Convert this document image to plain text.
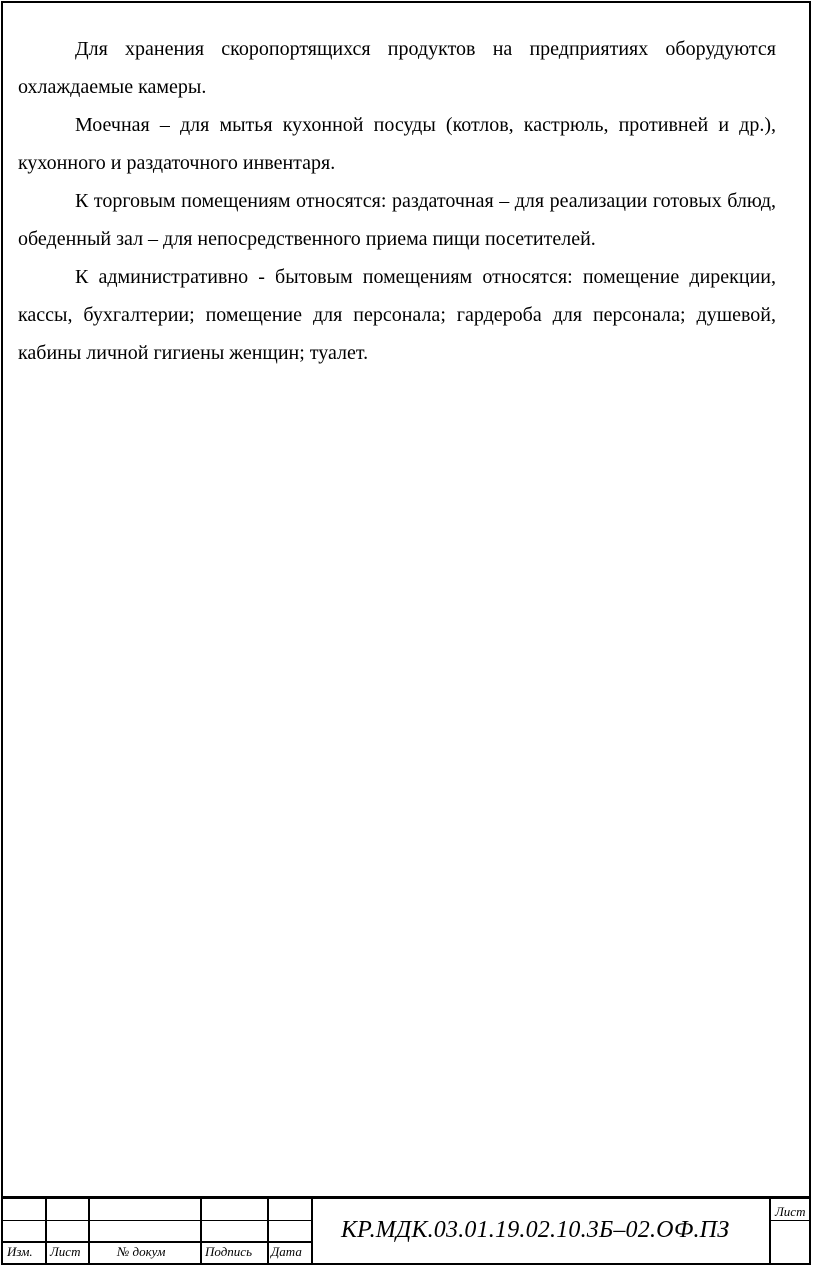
Для хранения скоропортящихся продуктов на предприятиях оборудуются охлаждаемые камеры.

Моечная – для мытья кухонной посуды (котлов, кастрюль, противней и др.), кухонного и раздаточного инвентаря.

К торговым помещениям относятся: раздаточная – для реализации готовых блюд, обеденный зал – для непосредственного приема пищи посетителей.

К административно - бытовым помещениям относятся: помещение дирекции, кассы, бухгалтерии; помещение для персонала; гардероба для персонала; душевой, кабины личной гигиены женщин; туалет.

Изм. Лист	№ докум	Подпись Дата
КР.МДК.03.01.19.02.10.3Б–02.ОФ.ПЗ
Лист
